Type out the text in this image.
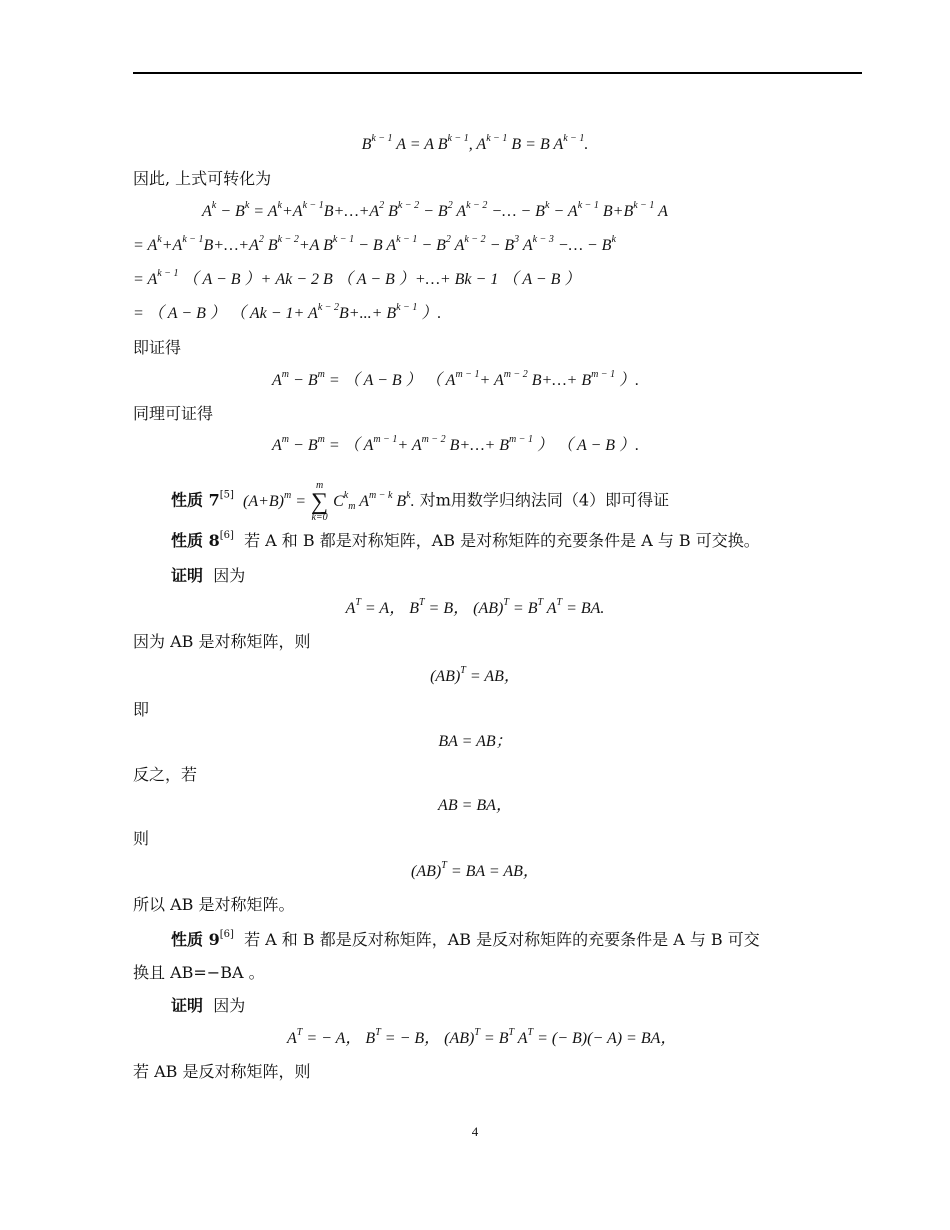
$B^{k - 1}$ A = A $B^{k - 1}$, $A^{k - 1}$ B = B $A^{k - 1}$.
因此, 上式可转化为
$A^k - B^k$ = $A^k+A^{k - 1}B+\dots+A^2$ $B^{k - 2} - B^2$ $A^{k - 2}$ −… − $B^k - A^{k - 1}$ $B+B^{k - 1}$ A
= $A^k+A^{k - 1}B+\dots+A^2$ $B^{k - 2}+A$ $B^{k - 1} - B$ $A^{k - 1} - B^2$ $A^{k - 2} - B^3$ $A^{k - 3}$ −… − $B^k$
= $A^{k - 1}$ （ A − B ）+ Ak − 2 B （ A − B ）+…+ Bk − 1 （ A − B ）
= （ A − B ） （ $Ak - 1+ A^{k - 2}B+...+ B^{k - 1}$ ）.
即证得
$A^m - B^m$ = （ A − B ） （ $A^{m - 1}+ A^{m - 2}$ B+…+ $B^{m - 1}$ ）.
同理可证得
$A^m - B^m$ = （ $A^{m - 1}+ A^{m - 2}$ B+…+ $B^{m - 1}$ ） （ A − B ）.
性质 7[5]  $(A+B)^m$ =
m
∑
k=0
$C^k_m$ $A^{m - k}$ $B^k$. 对m用数学归纳法同（4）即可得证
性质 8[6] 若 A 和 B 都是对称矩阵，AB 是对称矩阵的充要条件是 A 与 B 可交换。
证明 因为
$A^T = A$， $B^T = B$， $(AB)^T = B^T$ $A^T$ = BA.
因为 AB 是对称矩阵，则
(AB)$^T$ = AB，
即
BA = AB；
反之，若
AB = BA，
则
(AB)$^T$ = BA = AB，
所以 AB 是对称矩阵。
性质 9[6] 若 A 和 B 都是反对称矩阵，AB 是反对称矩阵的充要条件是 A 与 B 可交
换且 AB=−BA 。
证明 因为
$A^T$ = − A， $B^T$ = − B， $(AB)^T = B^T$ $A^T$ = (− B)(− A) = BA，
若 AB 是反对称矩阵，则
4
